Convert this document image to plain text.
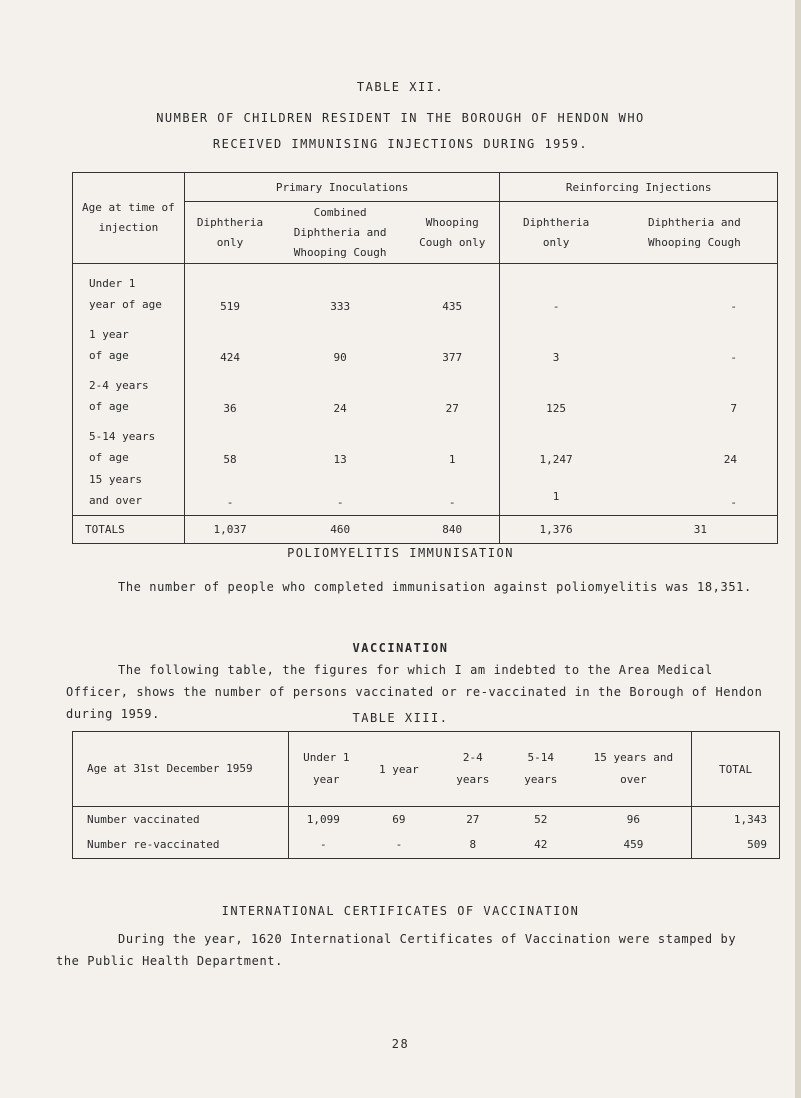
TABLE XII.
NUMBER OF CHILDREN RESIDENT IN THE BOROUGH OF HENDON WHO
RECEIVED IMMUNISING INJECTIONS DURING 1959.
Age at time of injection	Primary Inoculations			Reinforcing Injections	
	Diphtheria only	Combined Diphtheria and Whooping Cough	Whooping Cough only	Diphtheria only	Diphtheria and Whooping Cough
Under 1
year of age	519	333	435	-	-
1 year
of age	424	90	377	3	-
2-4 years
of age	36	24	27	125	7
5-14 years
of age	58	13	1	1,247	24
15 years
and over	-	-	-	1	-
TOTALS	1,037	460	840	1,376	31
POLIOMYELITIS IMMUNISATION
The number of people who completed immunisation against poliomyelitis was 18,351.
VACCINATION
The following table, the figures for which I am indebted to the Area Medical Officer, shows the number of persons vaccinated or re-vaccinated in the Borough of Hendon during 1959.	TABLE XIII.
Age at 31st December 1959	Under 1 year	1 year	2-4 years	5-14 years	15 years and over	TOTAL
Number vaccinated	1,099	69	27	52	96	1,343
Number re-vaccinated	-	-	8	42	459	509
INTERNATIONAL CERTIFICATES OF VACCINATION
During the year, 1620 International Certificates of Vaccination were stamped by the Public Health Department.
28
